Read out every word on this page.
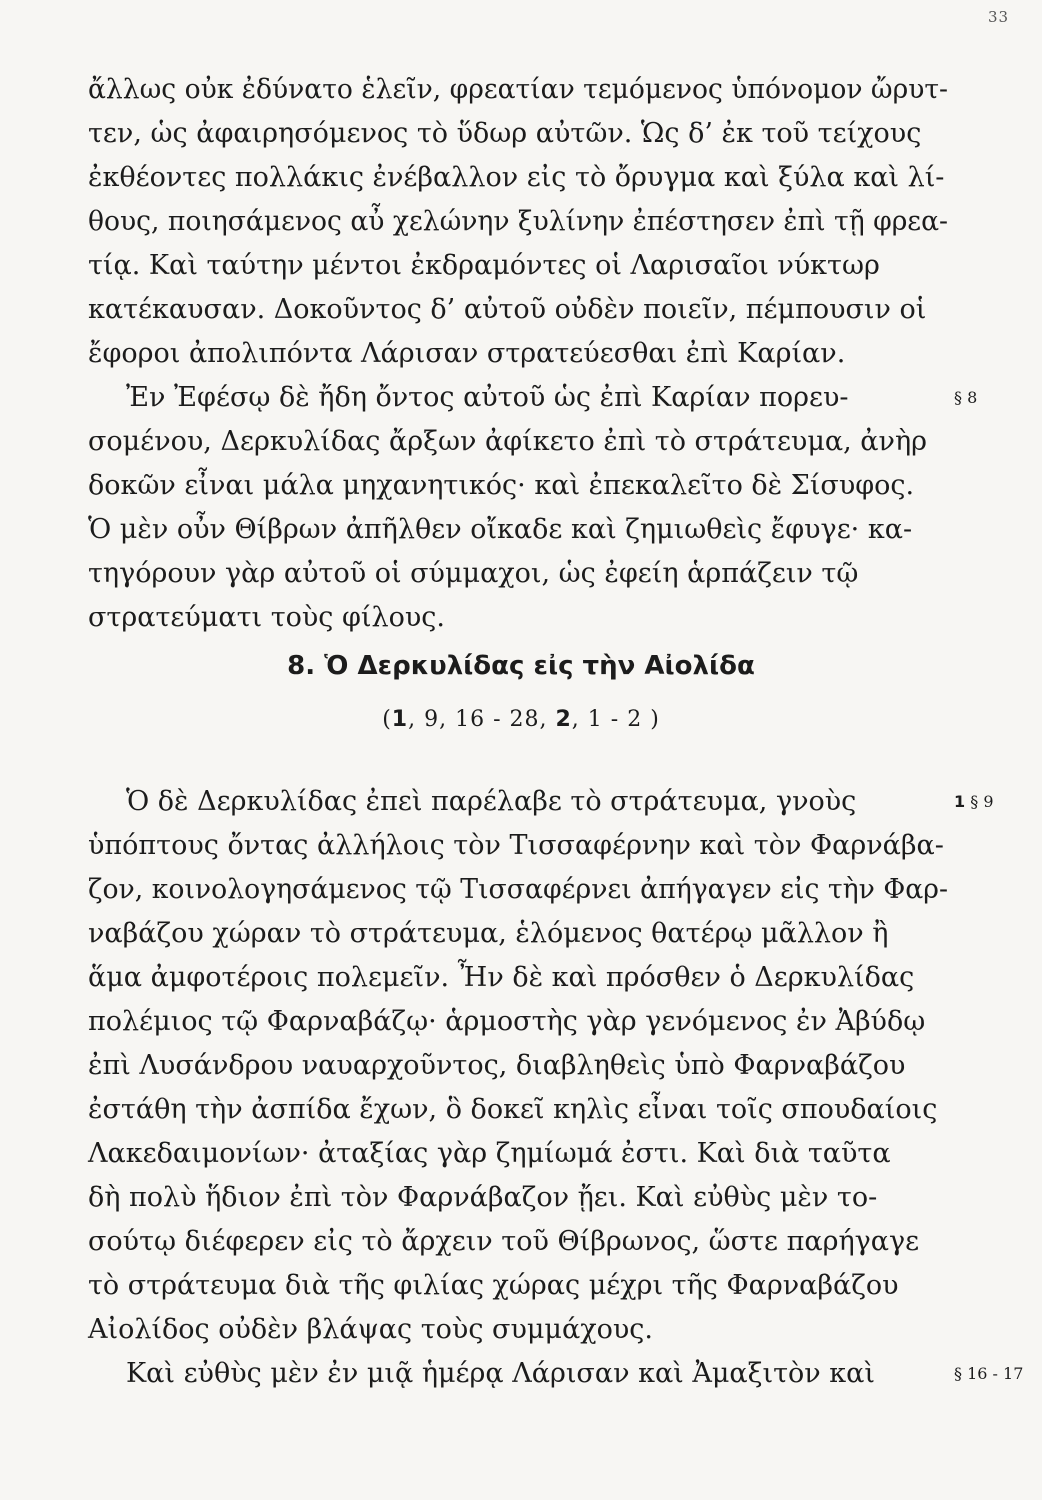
33
ἄλλως οὐκ ἐδύνατο ἑλεῖν, φρεατίαν τεμόμενος ὑπόνομον ὤρυτ-
τεν, ὡς ἀφαιρησόμενος τὸ ὕδωρ αὐτῶν. Ὡς δ’ ἐκ τοῦ τείχους
ἐκθέοντες πολλάκις ἐνέβαλλον εἰς τὸ ὄρυγμα καὶ ξύλα καὶ λί-
θους, ποιησάμενος αὖ χελώνην ξυλίνην ἐπέστησεν ἐπὶ τῇ φρεα-
τίᾳ. Καὶ ταύτην μέντοι ἐκδραμόντες οἱ Λαρισαῖοι νύκτωρ
κατέκαυσαν. Δοκοῦντος δ’ αὐτοῦ οὐδὲν ποιεῖν, πέμπουσιν οἱ
ἔφοροι ἀπολιπόντα Λάρισαν στρατεύεσθαι ἐπὶ Καρίαν.
Ἐν Ἐφέσῳ δὲ ἤδη ὄντος αὐτοῦ ὡς ἐπὶ Καρίαν πορευ-	§ 8
σομένου, Δερκυλίδας ἄρξων ἀφίκετο ἐπὶ τὸ στράτευμα, ἀνὴρ
δοκῶν εἶναι μάλα μηχανητικός· καὶ ἐπεκαλεῖτο δὲ Σίσυφος.
Ὁ μὲν οὖν Θίβρων ἀπῆλθεν οἴκαδε καὶ ζημιωθεὶς ἔφυγε· κα-
τηγόρουν γὰρ αὐτοῦ οἱ σύμμαχοι, ὡς ἐφείη ἁρπάζειν τῷ
στρατεύματι τοὺς φίλους.
8. Ὁ Δερκυλίδας εἰς τὴν Αἰολίδα
(1, 9, 16 - 28, 2, 1 - 2 )
Ὁ δὲ Δερκυλίδας ἐπεὶ παρέλαβε τὸ στράτευμα, γνοὺς	1 § 9
ὑπόπτους ὄντας ἀλλήλοις τὸν Τισσαφέρνην καὶ τὸν Φαρνάβα-
ζον, κοινολογησάμενος τῷ Τισσαφέρνει ἀπήγαγεν εἰς τὴν Φαρ-
ναβάζου χώραν τὸ στράτευμα, ἑλόμενος θατέρῳ μᾶλλον ἢ
ἅμα ἀμφοτέροις πολεμεῖν. Ἦν δὲ καὶ πρόσθεν ὁ Δερκυλίδας
πολέμιος τῷ Φαρναβάζῳ· ἁρμοστὴς γὰρ γενόμενος ἐν Ἀβύδῳ
ἐπὶ Λυσάνδρου ναυαρχοῦντος, διαβληθεὶς ὑπὸ Φαρναβάζου
ἐστάθη τὴν ἀσπίδα ἔχων, ὃ δοκεῖ κηλὶς εἶναι τοῖς σπουδαίοις
Λακεδαιμονίων· ἀταξίας γὰρ ζημίωμά ἐστι. Καὶ διὰ ταῦτα
δὴ πολὺ ἥδιον ἐπὶ τὸν Φαρνάβαζον ᾔει. Καὶ εὐθὺς μὲν το-
σούτῳ διέφερεν εἰς τὸ ἄρχειν τοῦ Θίβρωνος, ὥστε παρήγαγε
τὸ στράτευμα διὰ τῆς φιλίας χώρας μέχρι τῆς Φαρναβάζου
Αἰολίδος οὐδὲν βλάψας τοὺς συμμάχους.
Καὶ εὐθὺς μὲν ἐν μιᾷ ἡμέρᾳ Λάρισαν καὶ Ἀμαξιτὸν καὶ	§ 16 - 17
